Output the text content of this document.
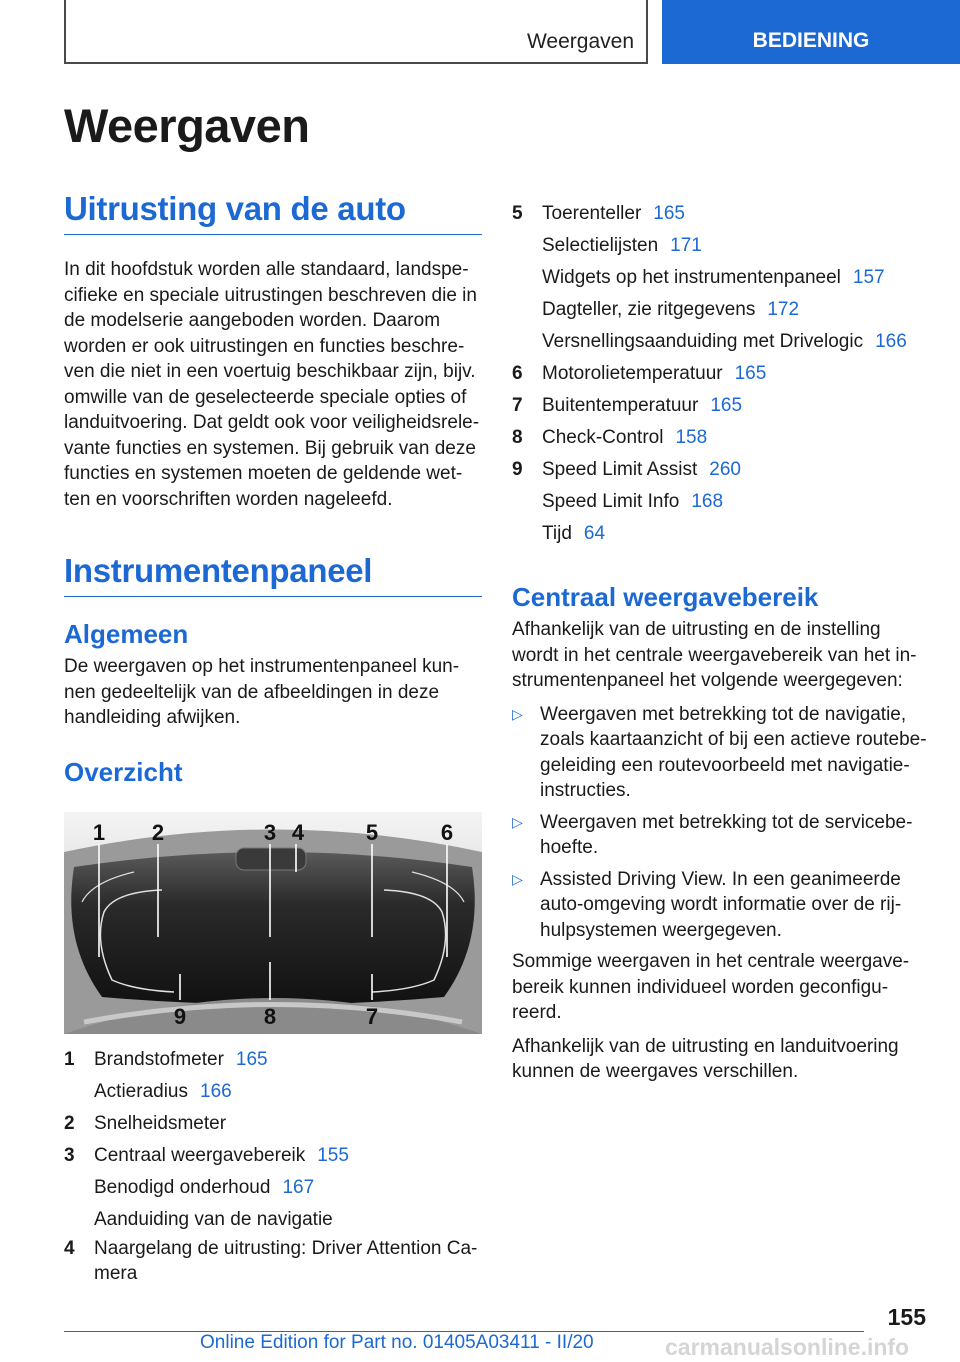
Weergaven	BEDIENING
Weergaven
Uitrusting van de auto
In dit hoofdstuk worden alle standaard, landspe-cifieke en speciale uitrustingen beschreven die in de modelserie aangeboden worden. Daarom worden er ook uitrustingen en functies beschre-ven die niet in een voertuig beschikbaar zijn, bijv. omwille van de geselecteerde speciale opties of landuitvoering. Dat geldt ook voor veiligheidsrele-vante functies en systemen. Bij gebruik van deze functies en systemen moeten de geldende wet-ten en voorschriften worden nageleefd.
Instrumentenpaneel
Algemeen
De weergaven op het instrumentenpaneel kun-nen gedeeltelijk van de afbeeldingen in deze handleiding afwijken.
Overzicht
1 2	3 4	5	6
9	8	7
1	Brandstofmeter 165
Actieradius 166
2	Snelheidsmeter
3	Centraal weergavebereik 155
Benodigd onderhoud 167
Aanduiding van de navigatie
4	Naargelang de uitrusting: Driver Attention Ca-mera
5	Toerenteller 165
Selectielijsten 171
Widgets op het instrumentenpaneel 157
Dagteller, zie ritgegevens 172
Versnellingsaanduiding met Drivelogic 166
6	Motorolietemperatuur 165
7	Buitentemperatuur 165
8	Check-Control 158
9	Speed Limit Assist 260
Speed Limit Info 168
Tijd 64
Centraal weergavebereik
Afhankelijk van de uitrusting en de instelling wordt in het centrale weergavebereik van het in-strumentenpaneel het volgende weergegeven:
▷ Weergaven met betrekking tot de navigatie, zoals kaartaanzicht of bij een actieve routebe-geleiding een routevoorbeeld met navigatie-instructies.
▷ Weergaven met betrekking tot de servicebe-hoefte.
▷ Assisted Driving View. In een geanimeerde auto-omgeving wordt informatie over de rij-hulpsystemen weergegeven.
Sommige weergaven in het centrale weergave-bereik kunnen individueel worden geconfigu-reerd.
Afhankelijk van de uitrusting en landuitvoering kunnen de weergaves verschillen.
155
Online Edition for Part no. 01405A03411 - II/20	carmanualsonline.info
